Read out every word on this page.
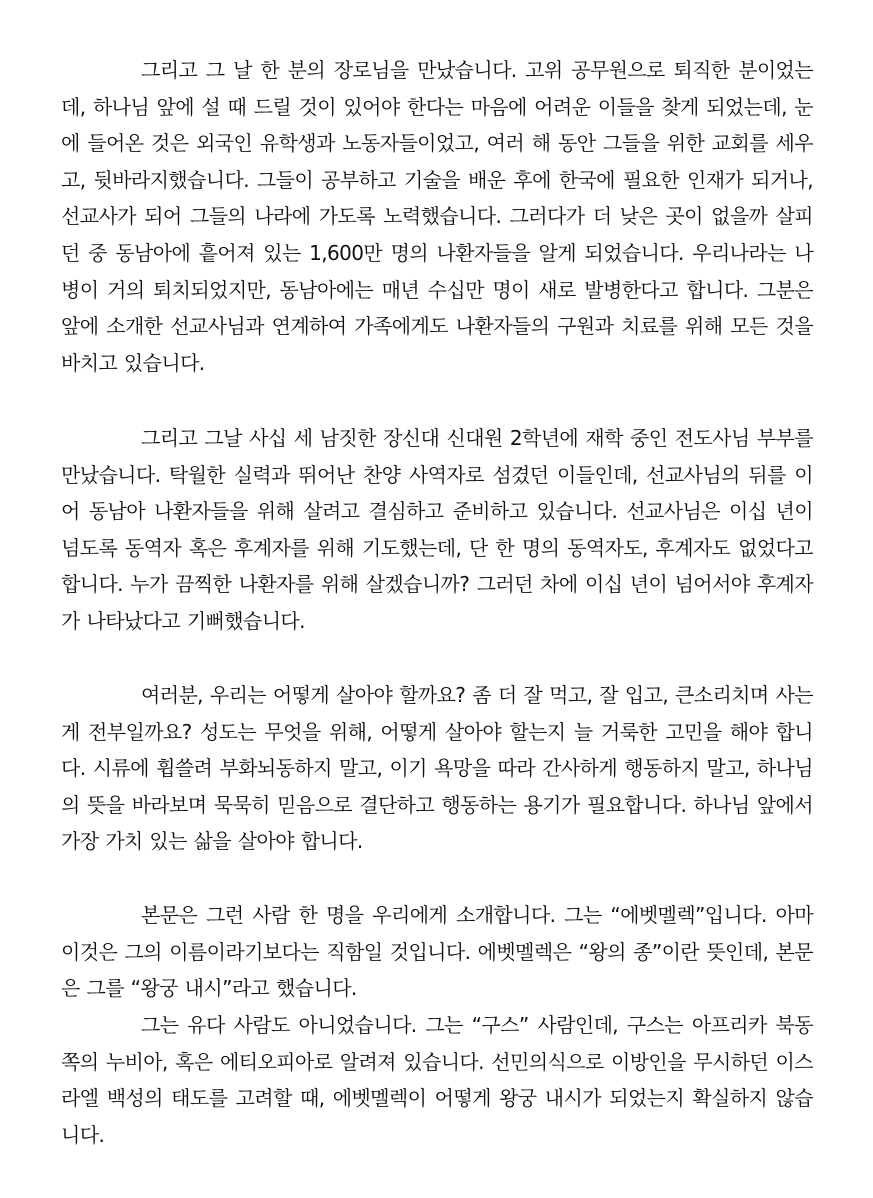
그리고 그 날 한 분의 장로님을 만났습니다. 고위 공무원으로 퇴직한 분이었는데, 하나님 앞에 설 때 드릴 것이 있어야 한다는 마음에 어려운 이들을 찾게 되었는데, 눈에 들어온 것은 외국인 유학생과 노동자들이었고, 여러 해 동안 그들을 위한 교회를 세우고, 뒷바라지했습니다. 그들이 공부하고 기술을 배운 후에 한국에 필요한 인재가 되거나, 선교사가 되어 그들의 나라에 가도록 노력했습니다. 그러다가 더 낮은 곳이 없을까 살피던 중 동남아에 흩어져 있는 1,600만 명의 나환자들을 알게 되었습니다. 우리나라는 나병이 거의 퇴치되었지만, 동남아에는 매년 수십만 명이 새로 발병한다고 합니다. 그분은 앞에 소개한 선교사님과 연계하여 가족에게도 나환자들의 구원과 치료를 위해 모든 것을 바치고 있습니다.

그리고 그날 사십 세 남짓한 장신대 신대원 2학년에 재학 중인 전도사님 부부를 만났습니다. 탁월한 실력과 뛰어난 찬양 사역자로 섬겼던 이들인데, 선교사님의 뒤를 이어 동남아 나환자들을 위해 살려고 결심하고 준비하고 있습니다. 선교사님은 이십 년이 넘도록 동역자 혹은 후계자를 위해 기도했는데, 단 한 명의 동역자도, 후계자도 없었다고 합니다. 누가 끔찍한 나환자를 위해 살겠습니까? 그러던 차에 이십 년이 넘어서야 후계자가 나타났다고 기뻐했습니다.

여러분, 우리는 어떻게 살아야 할까요? 좀 더 잘 먹고, 잘 입고, 큰소리치며 사는 게 전부일까요? 성도는 무엇을 위해, 어떻게 살아야 할는지 늘 거룩한 고민을 해야 합니다. 시류에 휩쓸려 부화뇌동하지 말고, 이기 욕망을 따라 간사하게 행동하지 말고, 하나님의 뜻을 바라보며 묵묵히 믿음으로 결단하고 행동하는 용기가 필요합니다. 하나님 앞에서 가장 가치 있는 삶을 살아야 합니다.

본문은 그런 사람 한 명을 우리에게 소개합니다. 그는 “에벳멜렉”입니다. 아마 이것은 그의 이름이라기보다는 직함일 것입니다. 에벳멜렉은 “왕의 종”이란 뜻인데, 본문은 그를 “왕궁 내시”라고 했습니다.

그는 유다 사람도 아니었습니다. 그는 “구스” 사람인데, 구스는 아프리카 북동쪽의 누비아, 혹은 에티오피아로 알려져 있습니다. 선민의식으로 이방인을 무시하던 이스라엘 백성의 태도를 고려할 때, 에벳멜렉이 어떻게 왕궁 내시가 되었는지 확실하지 않습니다.
